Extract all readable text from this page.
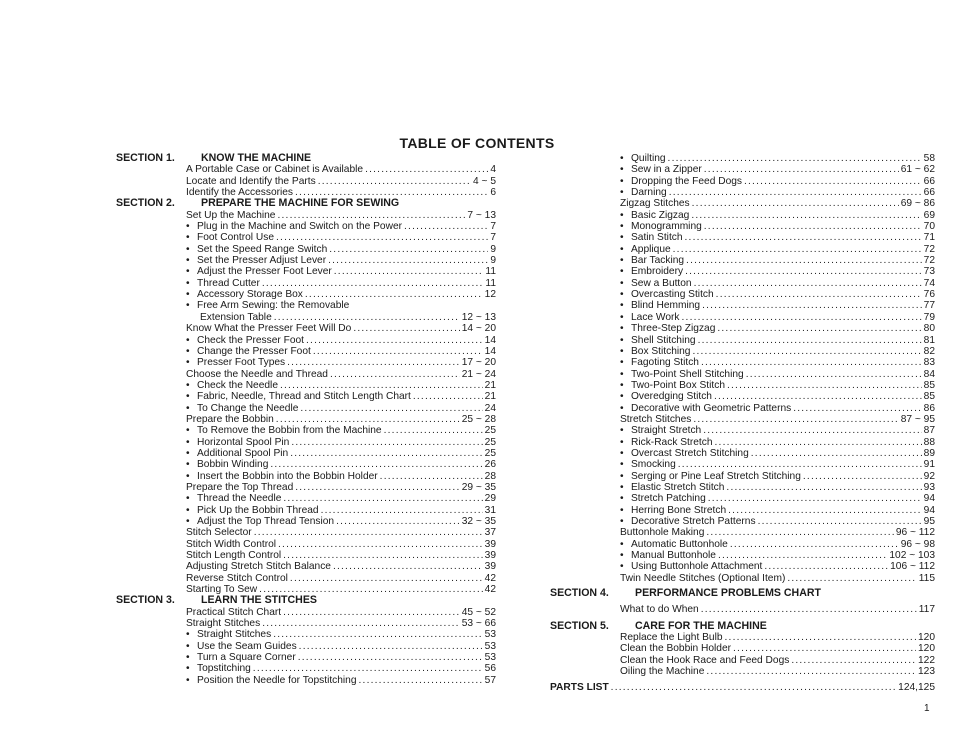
TABLE OF CONTENTS
SECTION 1. KNOW THE MACHINE
A Portable Case or Cabinet is Available .....	4
Locate and Identify the Parts .....	4 ~ 5
Identify the Accessories .....	6
SECTION 2. PREPARE THE MACHINE FOR SEWING
Set Up the Machine .....	7 ~ 13
• Plug in the Machine and Switch on the Power .....	7
• Foot Control Use .....	7
• Set the Speed Range Switch .....	9
• Set the Presser Adjust Lever .....	9
• Adjust the Presser Foot Lever .....	11
• Thread Cutter .....	11
• Accessory Storage Box .....	12
• Free Arm Sewing: the Removable
Extension Table .....	12 ~ 13
Know What the Presser Feet Will Do .....	14 ~ 20
• Check the Presser Foot .....	14
• Change the Presser Foot .....	14
• Presser Foot Types .....	17 ~ 20
Choose the Needle and Thread .....	21 ~ 24
• Check the Needle .....	21
• Fabric, Needle, Thread and Stitch Length Chart .....	21
• To Change the Needle .....	24
Prepare the Bobbin .....	25 ~ 28
• To Remove the Bobbin from the Machine .....	25
• Horizontal Spool Pin .....	25
• Additional Spool Pin .....	25
• Bobbin Winding .....	26
• Insert the Bobbin into the Bobbin Holder .....	28
Prepare the Top Thread .....	29 ~ 35
• Thread the Needle .....	29
• Pick Up the Bobbin Thread .....	31
• Adjust the Top Thread Tension .....	32 ~ 35
Stitch Selector .....	37
Stitch Width Control .....	39
Stitch Length Control .....	39
Adjusting Stretch Stitch Balance .....	39
Reverse Stitch Control .....	42
Starting To Sew .....	42
SECTION 3. LEARN THE STITCHES
Practical Stitch Chart .....	45 ~ 52
Straight Stitches .....	53 ~ 66
• Straight Stitches .....	53
• Use the Seam Guides .....	53
• Turn a Square Corner .....	53
• Topstitching .....	56
• Position the Needle for Topstitching .....	57
• Quilting .....	58
• Sew in a Zipper .....	61 ~ 62
• Dropping the Feed Dogs .....	66
• Darning .....	66
Zigzag Stitches .....	69 ~ 86
• Basic Zigzag .....	69
• Monogramming .....	70
• Satin Stitch .....	71
• Applique .....	72
• Bar Tacking .....	72
• Embroidery .....	73
• Sew a Button .....	74
• Overcasting Stitch .....	76
• Blind Hemming .....	77
• Lace Work .....	79
• Three-Step Zigzag .....	80
• Shell Stitching .....	81
• Box Stitching .....	82
• Fagoting Stitch .....	83
• Two-Point Shell Stitching .....	84
• Two-Point Box Stitch .....	85
• Overedging Stitch .....	85
• Decorative with Geometric Patterns .....	86
Stretch Stitches .....	87 ~ 95
• Straight Stretch .....	87
• Rick-Rack Stretch .....	88
• Overcast Stretch Stitching .....	89
• Smocking .....	91
• Serging or Pine Leaf Stretch Stitching .....	92
• Elastic Stretch Stitch .....	93
• Stretch Patching .....	94
• Herring Bone Stretch .....	94
• Decorative Stretch Patterns .....	95
Buttonhole Making .....	96 ~ 112
• Automatic Buttonhole .....	96 ~ 98
• Manual Buttonhole .....	102 ~ 103
• Using Buttonhole Attachment .....	106 ~ 112
Twin Needle Stitches (Optional Item) .....	115
SECTION 4. PERFORMANCE PROBLEMS CHART
What to do When .....	117
SECTION 5. CARE FOR THE MACHINE
Replace the Light Bulb .....	120
Clean the Bobbin Holder .....	120
Clean the Hook Race and Feed Dogs .....	122
Oiling the Machine .....	123
PARTS LIST .....	124,125
1
